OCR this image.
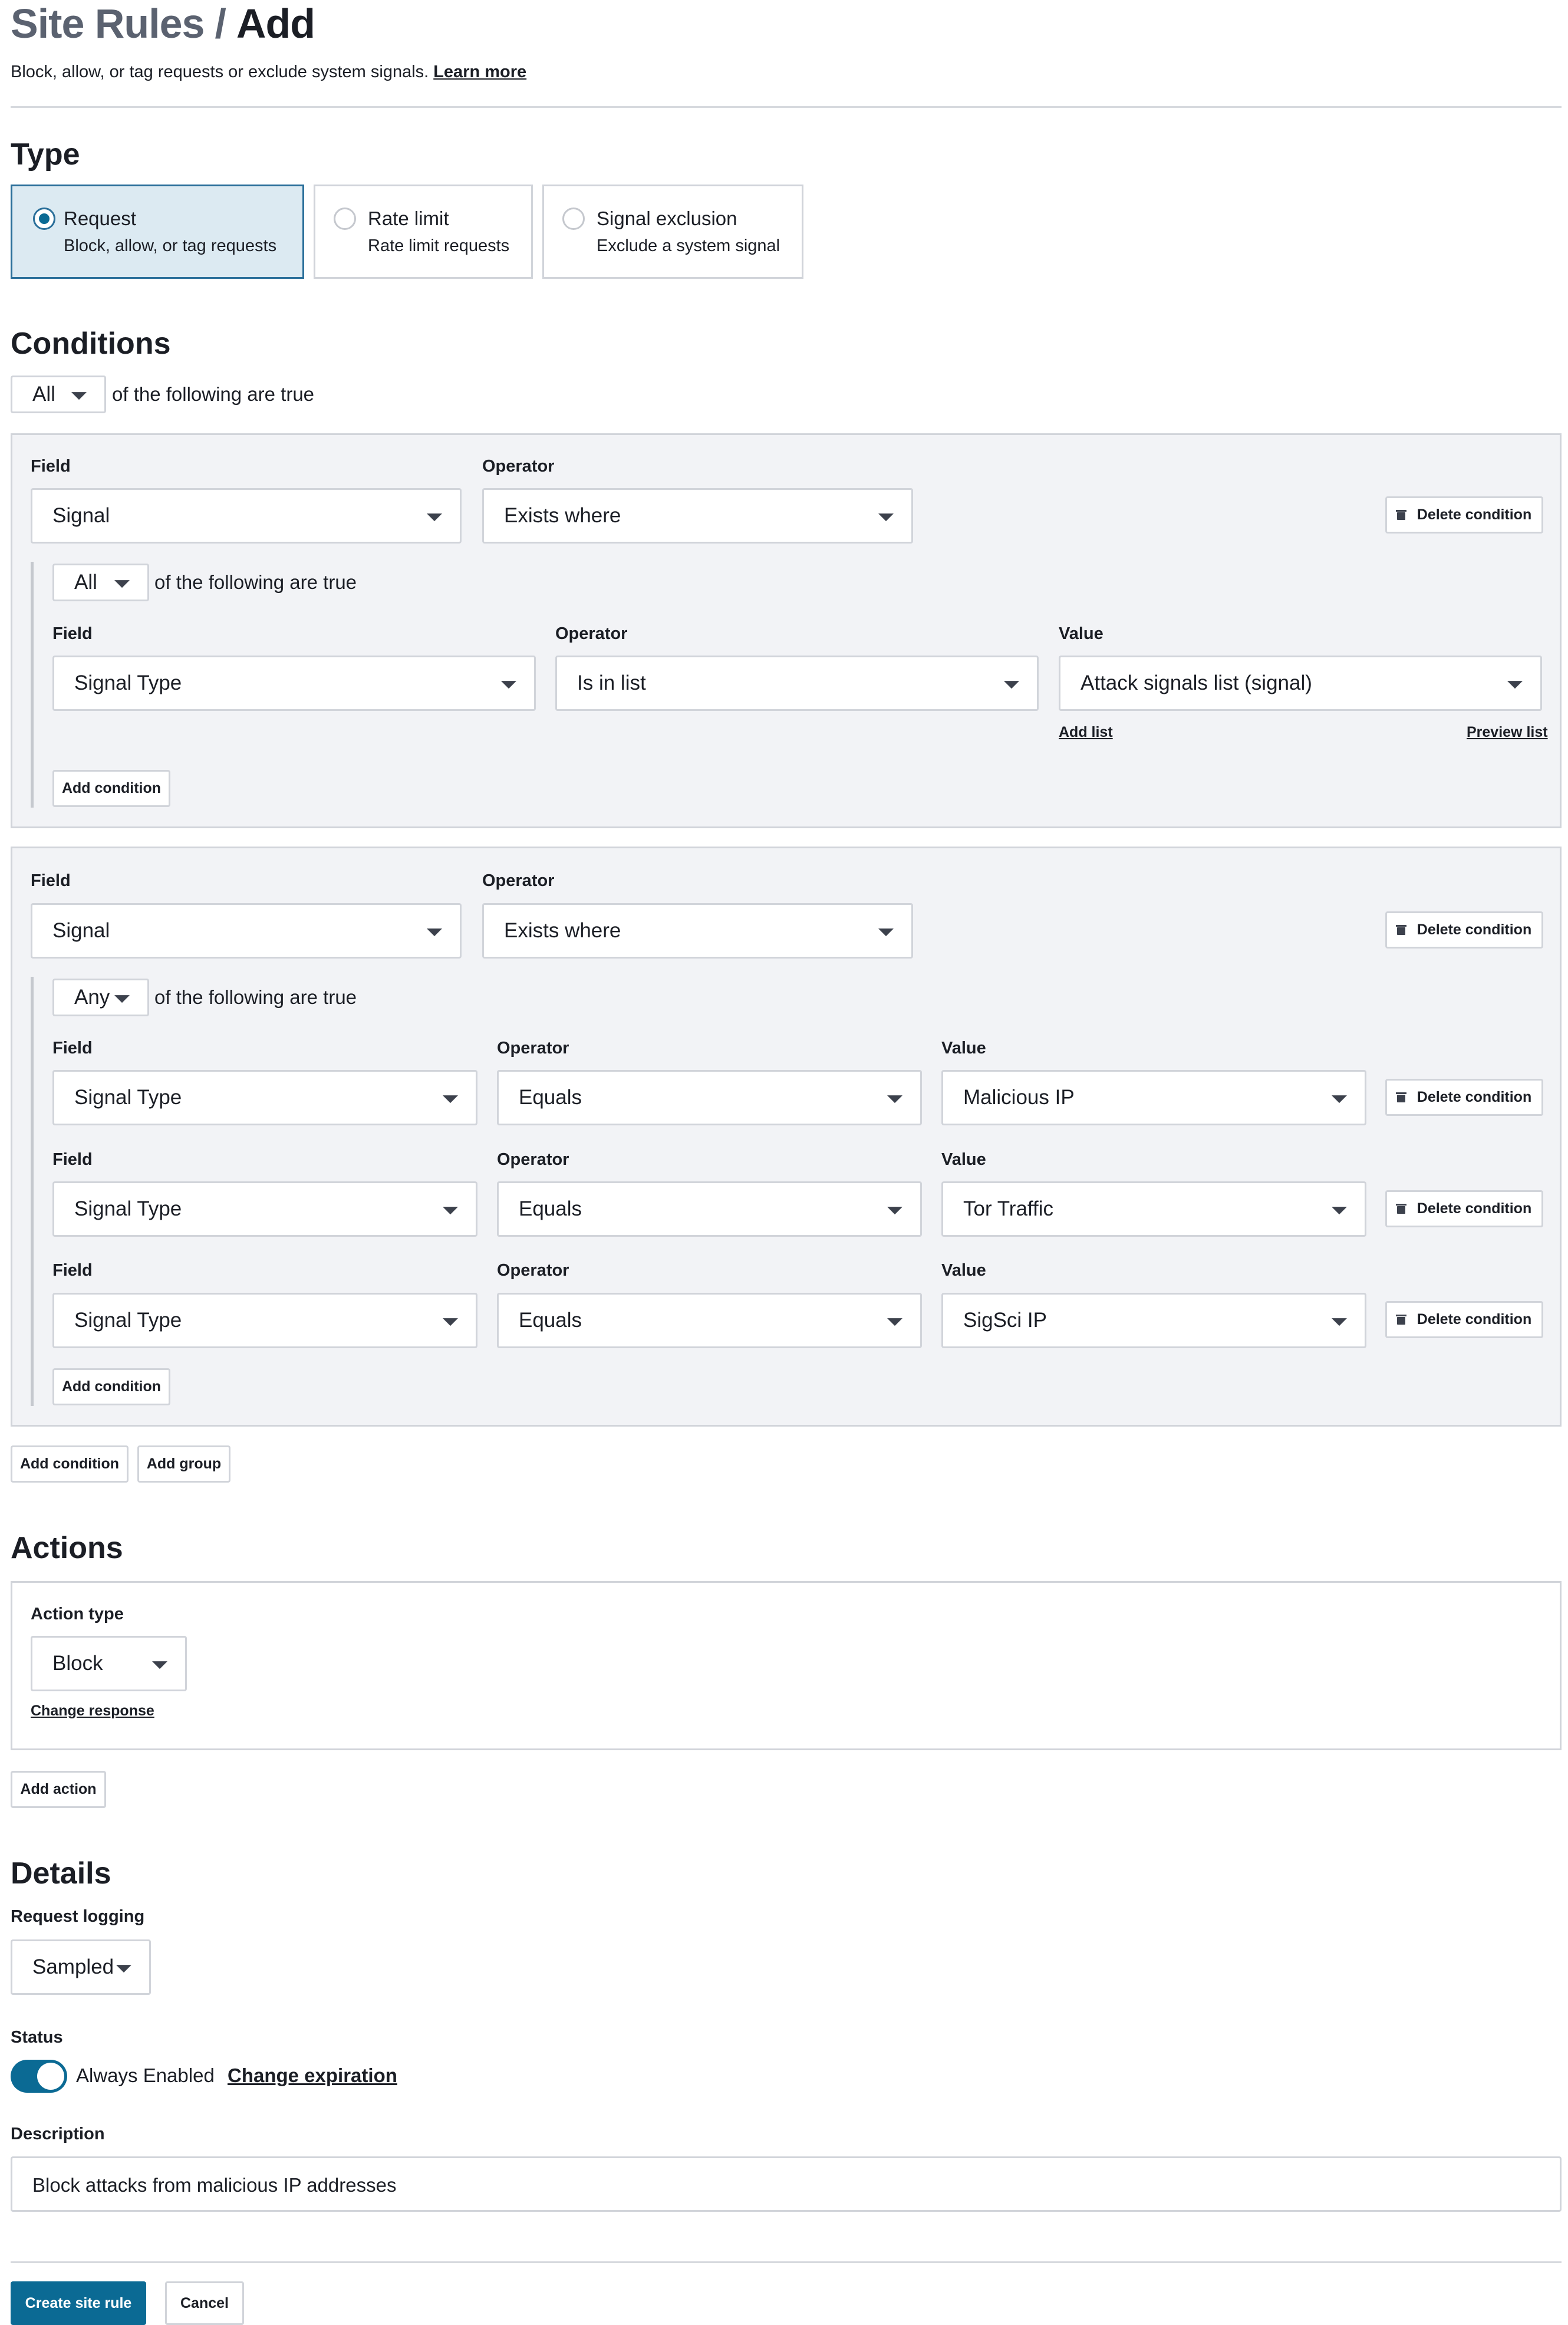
Site Rules / Add
Block, allow, or tag requests or exclude system signals. Learn more
Type
Request
Block, allow, or tag requests
Rate limit
Rate limit requests
Signal exclusion
Exclude a system signal
Conditions
All	of the following are true
Field	Operator
Signal	Exists where	Delete condition
All	of the following are true
Field	Operator	Value
Signal Type	Is in list	Attack signals list (signal)
Add list	Preview list
Add condition
Field	Operator
Signal	Exists where	Delete condition
Any of the following are true
Field	Operator	Value
Signal Type	Equals	Malicious IP	Delete condition
Field	Operator	Value
Signal Type	Equals	Tor Traffic	Delete condition
Field	Operator	Value
Signal Type	Equals	SigSci IP	Delete condition
Add condition
Add condition Add group
Actions
Action type
Block
Change response
Add action
Details
Request logging
Sampled
Status
Always Enabled Change expiration
Description
Block attacks from malicious IP addresses
Create site rule	Cancel
